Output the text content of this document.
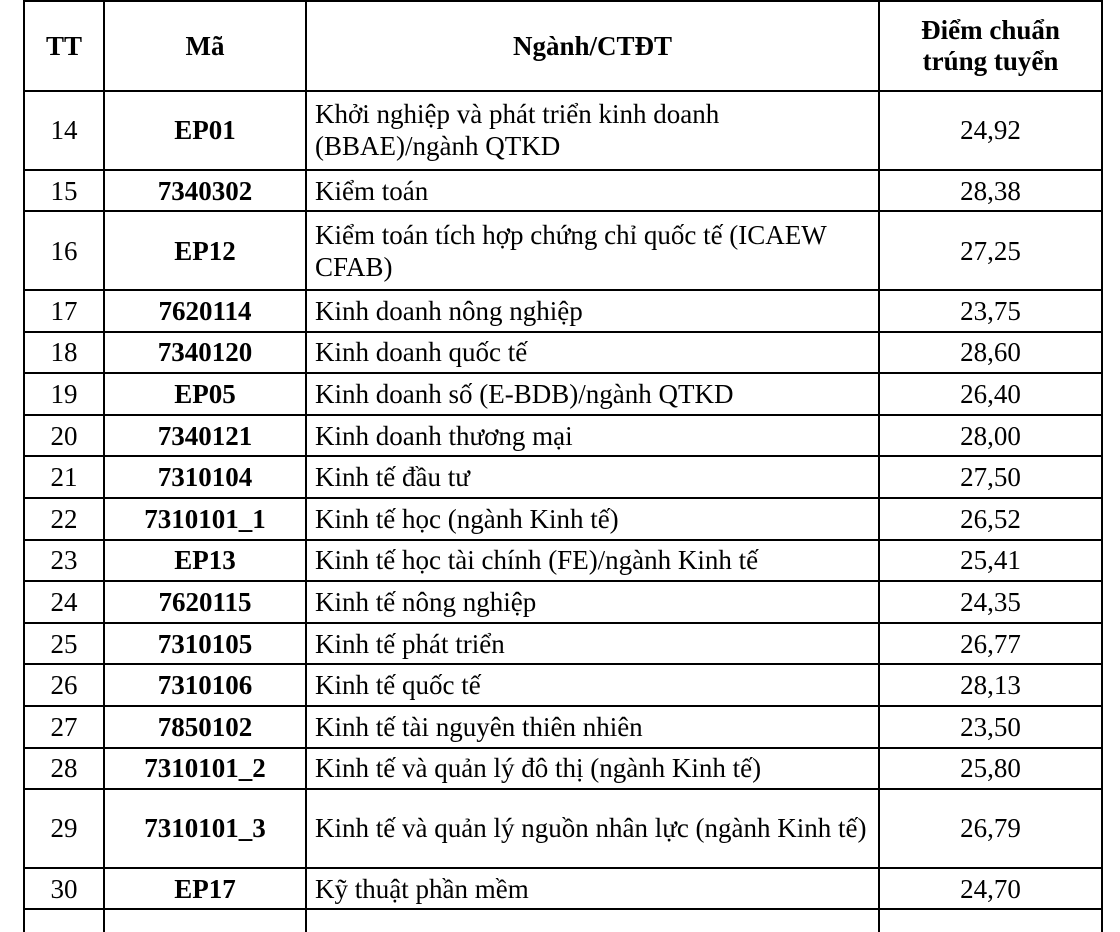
TT	Mã	Ngành/CTĐT	Điểm chuẩn
trúng tuyển
14	EP01	Khởi nghiệp và phát triển kinh doanh (BBAE)/ngành QTKD	24,92
15	7340302	Kiểm toán	28,38
16	EP12	Kiểm toán tích hợp chứng chỉ quốc tế (ICAEW CFAB)	27,25
17	7620114	Kinh doanh nông nghiệp	23,75
18	7340120	Kinh doanh quốc tế	28,60
19	EP05	Kinh doanh số (E-BDB)/ngành QTKD	26,40
20	7340121	Kinh doanh thương mại	28,00
21	7310104	Kinh tế đầu tư	27,50
22	7310101_1	Kinh tế học (ngành Kinh tế)	26,52
23	EP13	Kinh tế học tài chính (FE)/ngành Kinh tế	25,41
24	7620115	Kinh tế nông nghiệp	24,35
25	7310105	Kinh tế phát triển	26,77
26	7310106	Kinh tế quốc tế	28,13
27	7850102	Kinh tế tài nguyên thiên nhiên	23,50
28	7310101_2	Kinh tế và quản lý đô thị (ngành Kinh tế)	25,80
29	7310101_3	Kinh tế và quản lý nguồn nhân lực (ngành Kinh tế)	26,79
30	EP17	Kỹ thuật phần mềm	24,70
